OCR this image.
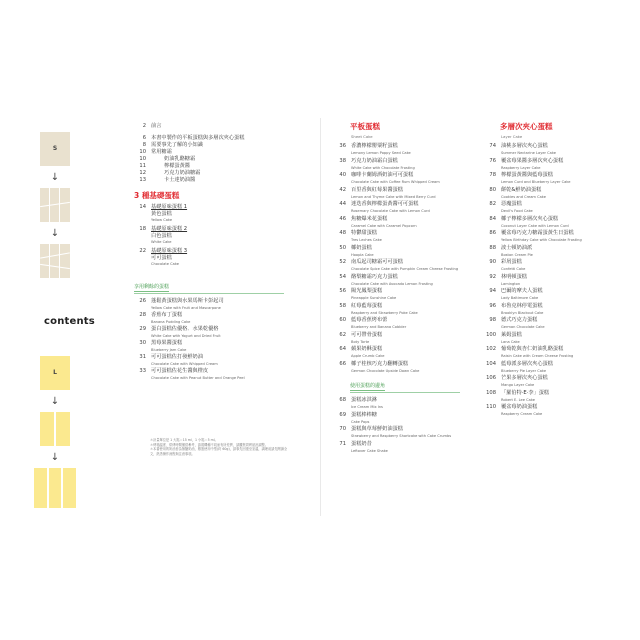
S
↓
↓
contents
L
↓
↓
2 前言
6 本書中製作的平板蛋糕與多層次夾心蛋糕
8 需要事先了解的小知識
10 常用糖霜
10	奶油乳酪糖霜
11	檸檬蛋黃醬
12	巧克力奶油糖霜
13	卡士達奶油醬
3 種基礎蛋糕
14 基礎原味蛋糕 1
黃色蛋糕
Yellow Cake
18 基礎原味蛋糕 2
白色蛋糕
White Cake
22 基礎原味蛋糕 3
可可蛋糕
Chocolate Cake
享用剩餘的蛋糕
26 蓬鬆黃蛋糕與水果馬斯卡彭起司
Yellow Cake with Fruit and Mascarpone
28 香蕉布丁蛋糕
Banana Pudding Cake
29 蛋白蛋糕佐優格．水果乾優格
White Cake with Yogurt and Dried Fruit
30 黑莓果醬蛋糕
Blueberry Jam Cake
31 可可蛋糕佐打發鮮奶油
Chocolate Cake with Whipped Cream
33 可可蛋糕佐花生醬與橙皮
Chocolate Cake with Peanut Butter and Orange Peel
平板蛋糕
Sheet Cake
36 香濃檸檬罌粟籽蛋糕
Lemony Lemon Poppy Seed Cake
38 巧克力奶油霜白蛋糕
White Cake with Chocolate Frosting
40 咖啡卡蘭姆酒奶油可可蛋糕
Chocolate Cake with Coffee Rum Whipped Cream
42 百里香與紅莓果醬蛋糕
Lemon and Thyme Cake with Mixed Berry Curd
44 迷迭香與檸檬蛋黃醬可可蛋糕
Rosemary Chocolate Cake with Lemon Curd
46 焦糖爆米花蛋糕
Caramel Cake with Caramel Popcorn
48 特鬱甜蛋糕
Tres Leches Cake
50 椰奶蛋糕
Hoopla Cake
52 南瓜起司糖霜可可蛋糕
Chocolate Spice Cake with Pumpkin Cream Cheese Frosting
54 酪梨糖霜巧克力蛋糕
Chocolate Cake with Avocado Lemon Frosting
56 陽光鳳梨蛋糕
Pineapple Sunshine Cake
58 紅莓藍莓蛋糕
Raspberry and Strawberry Poke Cake
60 藍莓香蕉烤布蕾
Blueberry and Banana Cobbler
62 可可帶骨蛋糕
Boty Torte
64 蘋果奶酥蛋糕
Apple Crumb Cake
66 椰子桂核巧克力翻轉蛋糕
German Chocolate Upside Down Cake
使用蛋糕的邊角
68 蛋糕冰淇淋
Ice Cream Mix Ins
69 蛋糕棒棒糖
Cake Pops
70 蛋糕與草莓鮮奶油蛋糕
Strawberry and Raspberry Shortcake with Cake Crumbs
71 蛋糕奶昔
Leftover Cake Shake
多層次夾心蛋糕
Layer Cake
74 油桃多層次夾心蛋糕
Summer Nectarine Layer Cake
76 覆盆莓果醬多層次夾心蛋糕
Raspberry Layer Cake
78 檸檬蛋黃醬與藍莓蛋糕
Lemon Curd and Blueberry Layer Cake
80 餅乾&鮮奶油蛋糕
Cookies and Cream Cake
82 惡魔蛋糕
Devil's Food Cake
84 椰子檸檬多層次夾心蛋糕
Coconut Layer Cake with Lemon Curd
86 覆盆莓巧克力糖霜蛋黃生日蛋糕
Yellow Birthday Cake with Chocolate Frosting
88 波士頓奶油派
Boston Cream Pie
90 彩屑蛋糕
Confetti Cake
92 林明頓蛋糕
Lamington
94 巴爾的摩夫人蛋糕
Lady Baltimore Cake
96 布魯克林停電蛋糕
Brooklyn Blackout Cake
98 德式巧克力蛋糕
German Chocolate Cake
100 萊姆蛋糕
Lana Cake
102 葡萄乾與杏仁奶油乳酪蛋糕
Raisin Cake with Cream Cheese Frosting
104 藍莓派多層次夾心蛋糕
Blueberry Pie Layer Cake
106 芒果多層次夾心蛋糕
Mango Layer Cake
108 「羅伯特·E·李」蛋糕
Robert E. Lee Cake
110 覆盆莓奶油蛋糕
Raspberry Cream Cake
＊計量單位是 1 大匙＝15 ml，1 小匙＝5 ml。
＊烤箱溫度、烘烤時間僅供參考，請視機種不同而有所差異，請觀察烘烤狀況調整。
＊本書使用的奶油皆為無鹽奶油，雞蛋使用中型(約 60g)，請事先回復至室溫，調理前請先閱讀全文，熟悉操作流程與注意事項。
